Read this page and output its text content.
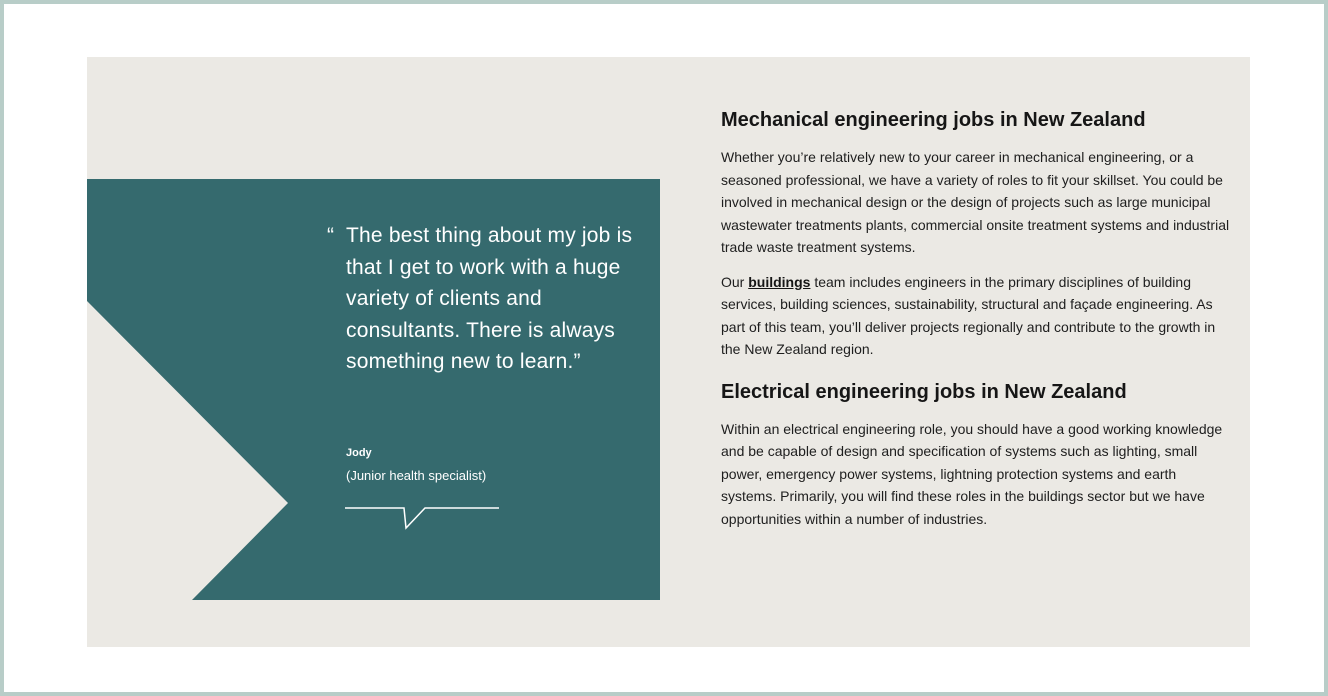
“ The best thing about my job is that I get to work with a huge variety of clients and consultants. There is always something new to learn.”
Jody
(Junior health specialist)
Mechanical engineering jobs in New Zealand

Whether you’re relatively new to your career in mechanical engineering, or a seasoned professional, we have a variety of roles to fit your skillset. You could be involved in mechanical design or the design of projects such as large municipal wastewater treatments plants, commercial onsite treatment systems and industrial trade waste treatment systems.

Our buildings team includes engineers in the primary disciplines of building services, building sciences, sustainability, structural and façade engineering. As part of this team, you’ll deliver projects regionally and contribute to the growth in the New Zealand region.

Electrical engineering jobs in New Zealand

Within an electrical engineering role, you should have a good working knowledge and be capable of design and specification of systems such as lighting, small power, emergency power systems, lightning protection systems and earth systems. Primarily, you will find these roles in the buildings sector but we have opportunities within a number of industries.
